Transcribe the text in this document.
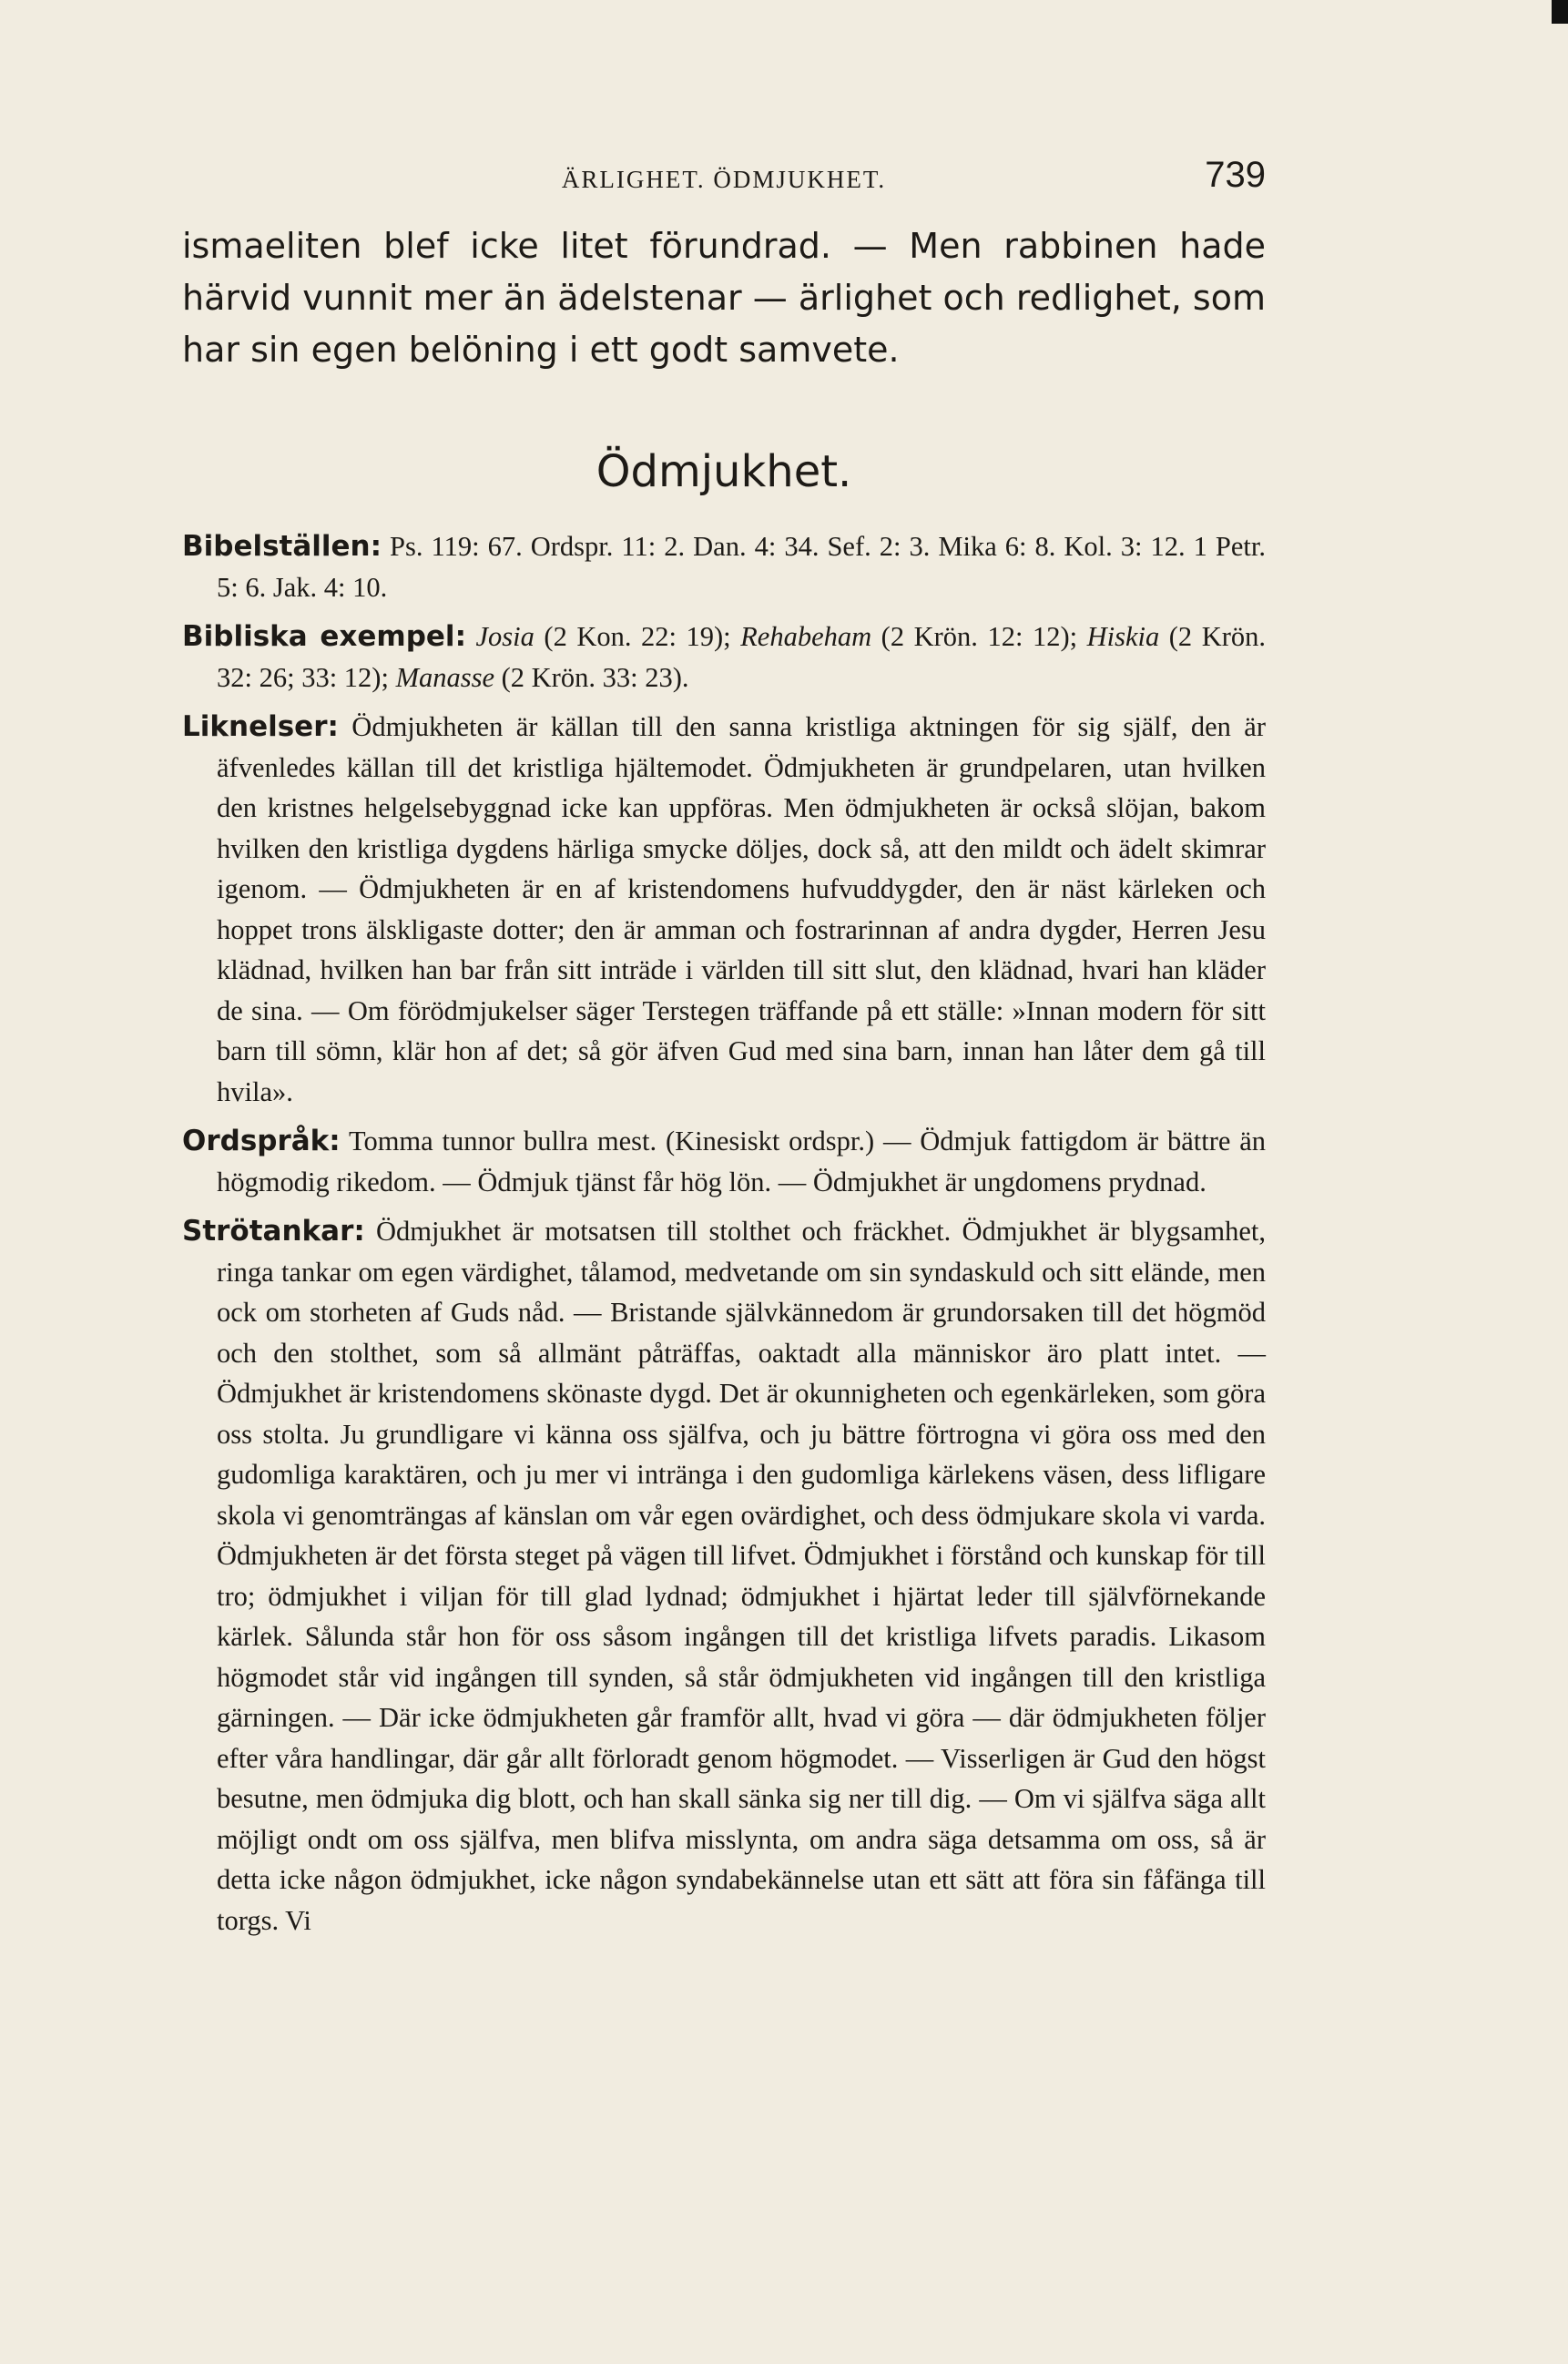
ÄRLIGHET. ÖDMJUKHET.	739

ismaeliten blef icke litet förundrad. — Men rabbinen hade härvid vunnit mer än ädelstenar — ärlighet och redlighet, som har sin egen belöning i ett godt samvete.

Ödmjukhet.

Bibelställen: Ps. 119: 67. Ordspr. 11: 2. Dan. 4: 34. Sef. 2: 3. Mika 6: 8. Kol. 3: 12. 1 Petr. 5: 6. Jak. 4: 10.

Bibliska exempel: Josia (2 Kon. 22: 19); Rehabeham (2 Krön. 12: 12); Hiskia (2 Krön. 32: 26; 33: 12); Manasse (2 Krön. 33: 23).

Liknelser: Ödmjukheten är källan till den sanna kristliga aktningen för sig själf, den är äfvenledes källan till det kristliga hjältemodet. Ödmjukheten är grundpelaren, utan hvilken den kristnes helgelsebyggnad icke kan uppföras. Men ödmjukheten är också slöjan, bakom hvilken den kristliga dygdens härliga smycke döljes, dock så, att den mildt och ädelt skimrar igenom. — Ödmjukheten är en af kristendomens hufvuddygder, den är näst kärleken och hoppet trons älskligaste dotter; den är amman och fostrarinnan af andra dygder, Herren Jesu klädnad, hvilken han bar från sitt inträde i världen till sitt slut, den klädnad, hvari han kläder de sina. — Om förödmjukelser säger Terstegen träffande på ett ställe: »Innan modern för sitt barn till sömn, klär hon af det; så gör äfven Gud med sina barn, innan han låter dem gå till hvila».

Ordspråk: Tomma tunnor bullra mest. (Kinesiskt ordspr.) — Ödmjuk fattigdom är bättre än högmodig rikedom. — Ödmjuk tjänst får hög lön. — Ödmjukhet är ungdomens prydnad.

Strötankar: Ödmjukhet är motsatsen till stolthet och fräckhet. Ödmjukhet är blygsamhet, ringa tankar om egen värdighet, tålamod, medvetande om sin syndaskuld och sitt elände, men ock om storheten af Guds nåd. — Bristande självkännedom är grundorsaken till det högmöd och den stolthet, som så allmänt påträffas, oaktadt alla människor äro platt intet. — Ödmjukhet är kristendomens skönaste dygd. Det är okunnigheten och egenkärleken, som göra oss stolta. Ju grundligare vi känna oss själfva, och ju bättre förtrogna vi göra oss med den gudomliga karaktären, och ju mer vi inträngа i den gudomliga kärlekens väsen, dess lifligare skola vi genomträngas af känslan om vår egen ovärdighet, och dess ödmjukare skola vi varda. Ödmjukheten är det första steget på vägen till lifvet. Ödmjukhet i förstånd och kunskap för till tro; ödmjukhet i viljan för till glad lydnad; ödmjukhet i hjärtat leder till självförnekande kärlek. Sålunda står hon för oss såsom ingången till det kristliga lifvets paradis. Likasom högmodet står vid ingången till synden, så står ödmjukheten vid ingången till den kristliga gärningen. — Där icke ödmjukheten går framför allt, hvad vi göra — där ödmjukheten följer efter våra handlingar, där går allt förloradt genom högmodet. — Visserligen är Gud den högst besutne, men ödmjuka dig blott, och han skall sänka sig ner till dig. — Om vi själfva säga allt möjligt ondt om oss själfva, men blifva misslynta, om andra säga detsamma om oss, så är detta icke någon ödmjukhet, icke någon syndabekännelse utan ett sätt att föra sin fåfänga till torgs. Vi
